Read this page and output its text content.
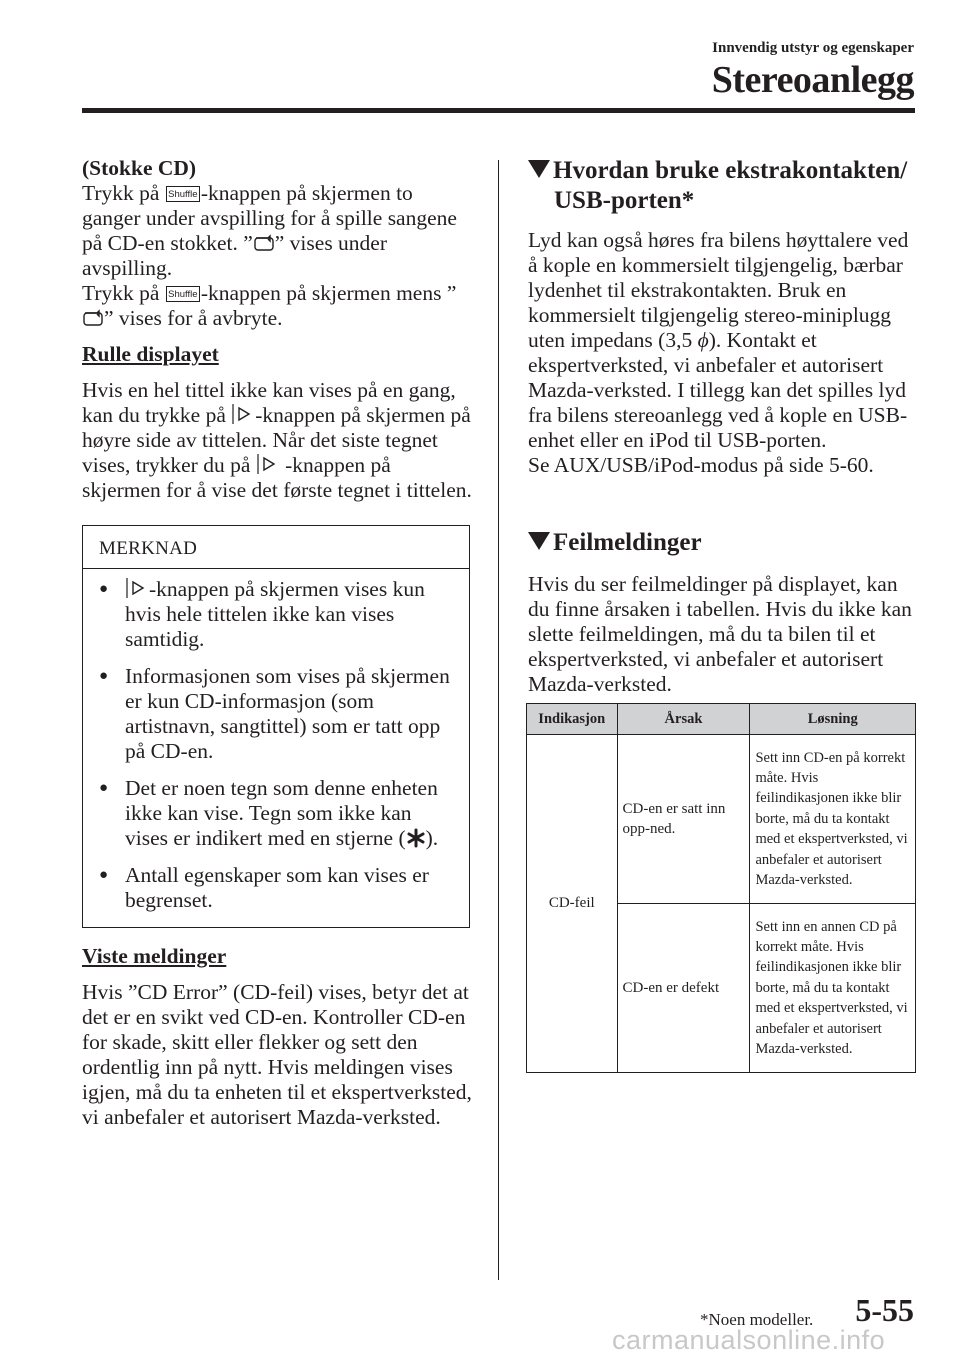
Innvendig utstyr og egenskaper
Stereoanlegg

(Stokke CD)

Trykk på Shuffle -knappen på skjermen to ganger under avspilling for å spille sangene på CD-en stokket. ” ” vises under avspilling.

Trykk på Shuffle -knappen på skjermen mens ”” vises for å avbryte.

Rulle displayet

Hvis en hel tittel ikke kan vises på en gang, kan du trykke på -knappen på skjermen på høyre side av tittelen. Når det siste tegnet vises, trykker du på  -knappen på skjermen for å vise det første tegnet i tittelen.

MERKNAD
●	-knappen på skjermen vises kun hvis hele tittelen ikke kan vises samtidig.
● Informasjonen som vises på skjermen er kun CD-informasjon (som artistnavn, sangtittel) som er tatt opp på CD-en.
● Det er noen tegn som denne enheten ikke kan vise. Tegn som ikke kan vises er indikert med en stjerne ( ).
● Antall egenskaper som kan vises er begrenset.

Viste meldinger

Hvis ”CD Error” (CD-feil) vises, betyr det at det er en svikt ved CD-en. Kontroller CD-en for skade, skitt eller flekker og sett den ordentlig inn på nytt. Hvis meldingen vises igjen, må du ta enheten til et ekspertverksted, vi anbefaler et autorisert Mazda-verksted.

Hvordan bruke ekstrakontakten/
USB-porten*

Lyd kan også høres fra bilens høyttalere ved å kople en kommersielt tilgjengelig, bærbar lydenhet til ekstrakontakten. Bruk en kommersielt tilgjengelig stereo-miniplugg uten impedans (3,5 ϕ). Kontakt et ekspertverksted, vi anbefaler et autorisert Mazda-verksted. I tillegg kan det spilles lyd fra bilens stereoanlegg ved å kople en USB-enhet eller en iPod til USB-porten.

Se AUX/USB/iPod-modus på side 5-60.

Feilmeldinger

Hvis du ser feilmeldinger på displayet, kan du finne årsaken i tabellen. Hvis du ikke kan slette feilmeldingen, må du ta bilen til et ekspertverksted, vi anbefaler et autorisert Mazda-verksted.

Indikasjon	Årsak	Løsning
CD-feil	CD-en er satt inn opp-ned.	Sett inn CD-en på korrekt måte. Hvis feilindikasjonen ikke blir borte, må du ta kontakt med et ekspertverksted, vi anbefaler et autorisert Mazda-verksted.
	CD-en er defekt	Sett inn en annen CD på korrekt måte. Hvis feilindikasjonen ikke blir borte, må du ta kontakt med et ekspertverksted, vi anbefaler et autorisert Mazda-verksted.
*Noen modeller. 5-55
carmanualsonline.info
